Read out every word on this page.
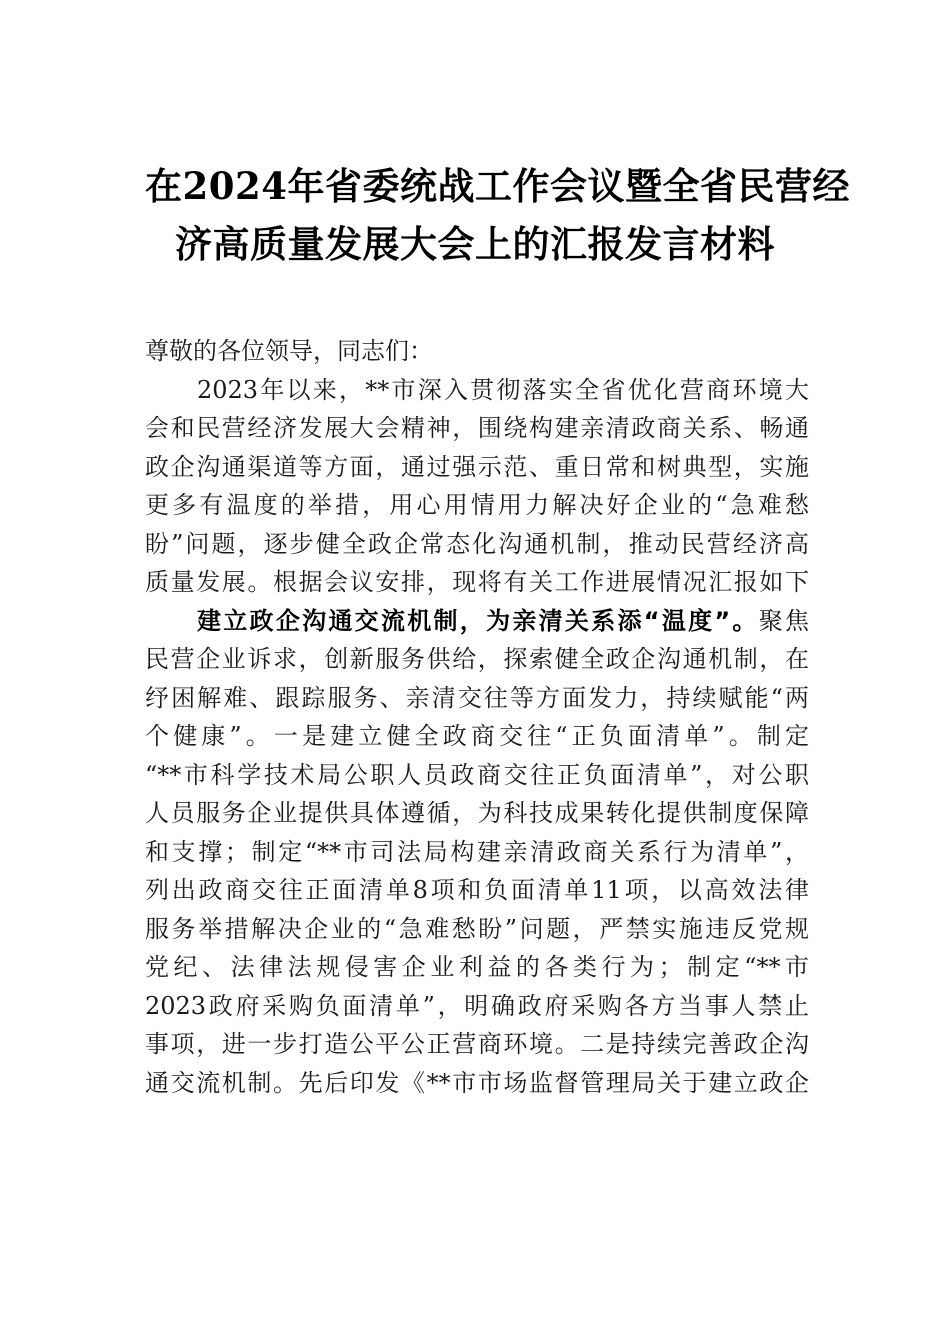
在2024年省委统战工作会议暨全省民营经
济高质量发展大会上的汇报发言材料
尊敬的各位领导，同志们：
2023年以来，**市深入贯彻落实全省优化营商环境大
会和民营经济发展大会精神，围绕构建亲清政商关系、畅通
政企沟通渠道等方面，通过强示范、重日常和树典型，实施
更多有温度的举措，用心用情用力解决好企业的“急难愁
盼”问题，逐步健全政企常态化沟通机制，推动民营经济高
质量发展。根据会议安排，现将有关工作进展情况汇报如下
建立政企沟通交流机制，为亲清关系添“温度”。聚焦
民营企业诉求，创新服务供给，探索健全政企沟通机制，在
纾困解难、跟踪服务、亲清交往等方面发力，持续赋能“两
个健康”。一是建立健全政商交往“正负面清单”。制定
“**市科学技术局公职人员政商交往正负面清单”，对公职
人员服务企业提供具体遵循，为科技成果转化提供制度保障
和支撑；制定“**市司法局构建亲清政商关系行为清单”，
列出政商交往正面清单8项和负面清单11项，以高效法律
服务举措解决企业的“急难愁盼”问题，严禁实施违反党规
党纪、法律法规侵害企业利益的各类行为；制定“**市
2023政府采购负面清单”，明确政府采购各方当事人禁止
事项，进一步打造公平公正营商环境。二是持续完善政企沟
通交流机制。先后印发《**市市场监督管理局关于建立政企
